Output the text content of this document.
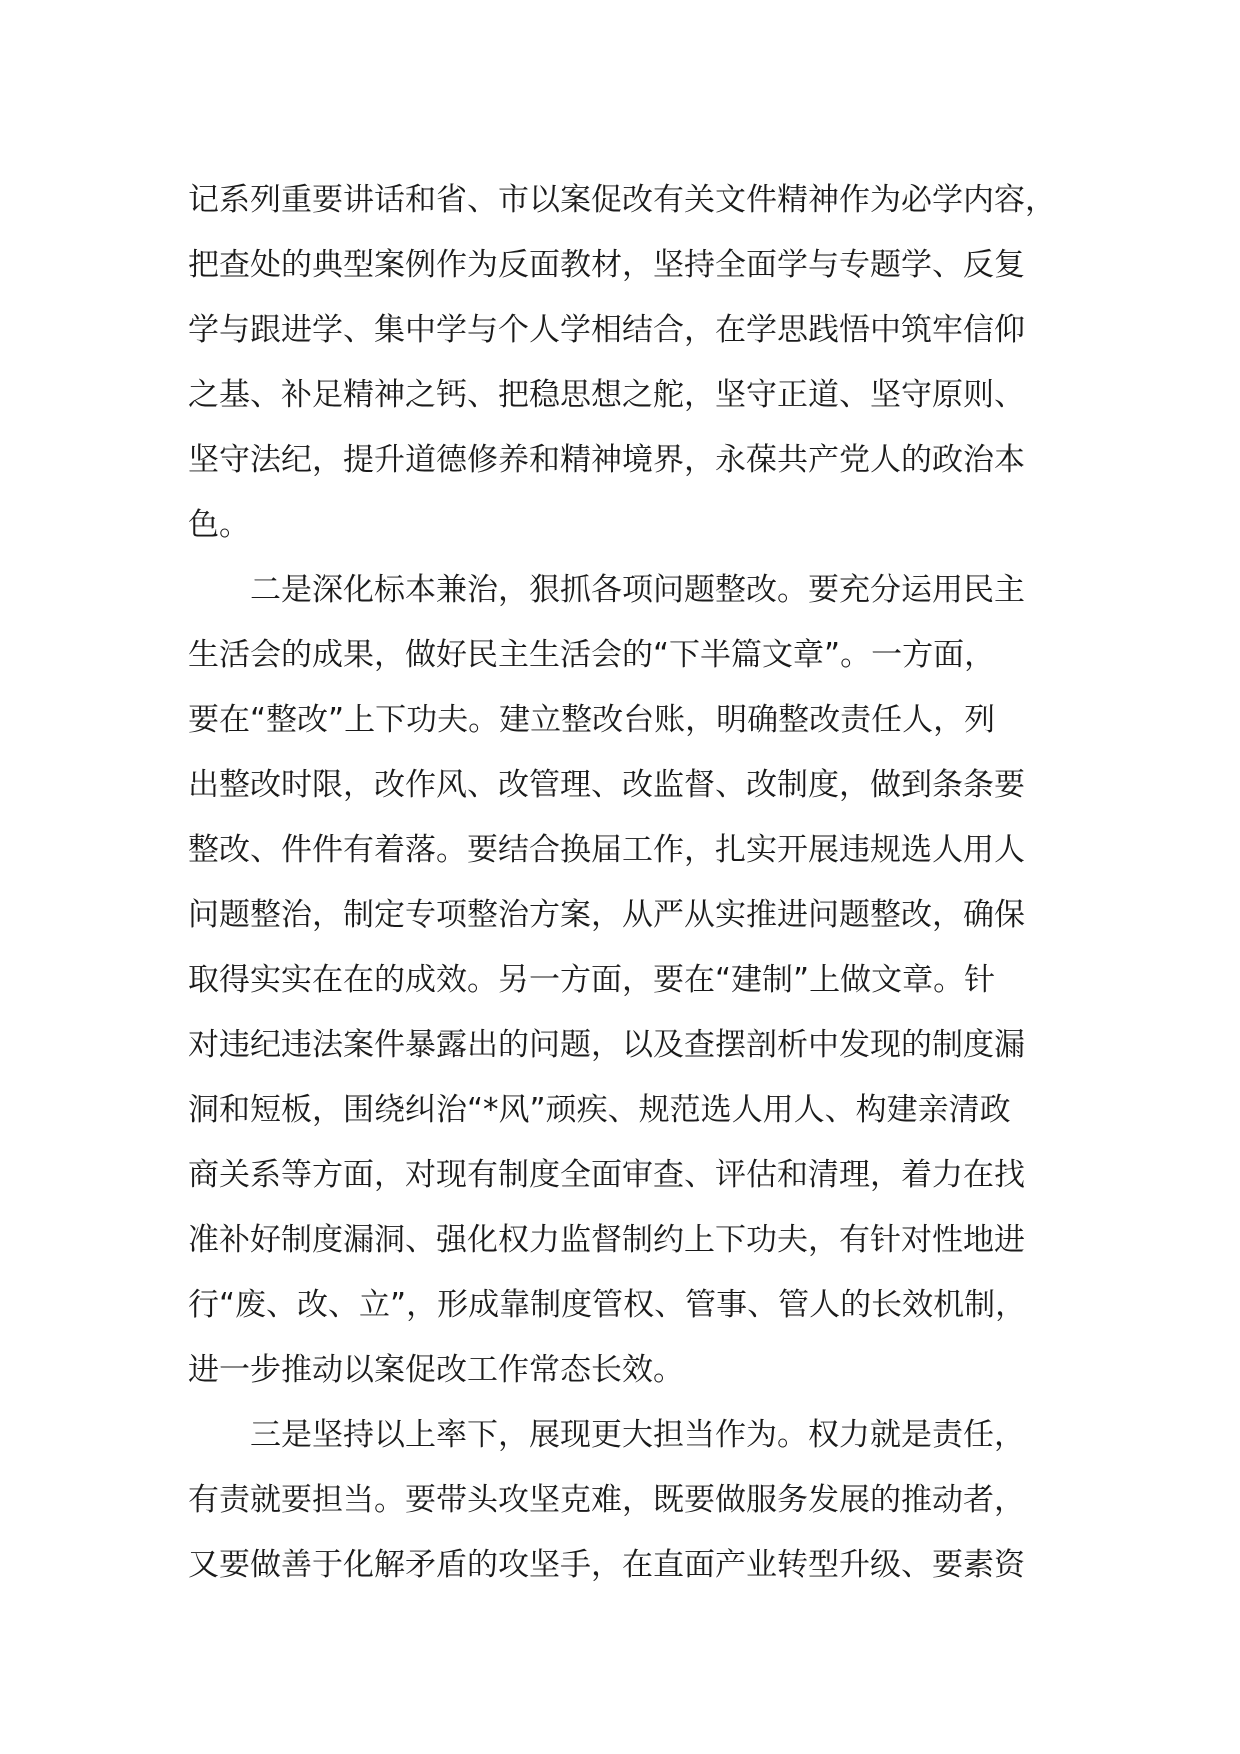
记系列重要讲话和省、市以案促改有关文件精神作为必学内容，
把查处的典型案例作为反面教材，坚持全面学与专题学、反复
学与跟进学、集中学与个人学相结合，在学思践悟中筑牢信仰
之基、补足精神之钙、把稳思想之舵，坚守正道、坚守原则、
坚守法纪，提升道德修养和精神境界，永葆共产党人的政治本
色。
二是深化标本兼治，狠抓各项问题整改。要充分运用民主
生活会的成果，做好民主生活会的“下半篇文章”。一方面，
要在“整改”上下功夫。建立整改台账，明确整改责任人，列
出整改时限，改作风、改管理、改监督、改制度，做到条条要
整改、件件有着落。要结合换届工作，扎实开展违规选人用人
问题整治，制定专项整治方案，从严从实推进问题整改，确保
取得实实在在的成效。另一方面，要在“建制”上做文章。针
对违纪违法案件暴露出的问题，以及查摆剖析中发现的制度漏
洞和短板，围绕纠治“*风”顽疾、规范选人用人、构建亲清政
商关系等方面，对现有制度全面审查、评估和清理，着力在找
准补好制度漏洞、强化权力监督制约上下功夫，有针对性地进
行“废、改、立”，形成靠制度管权、管事、管人的长效机制，
进一步推动以案促改工作常态长效。
三是坚持以上率下，展现更大担当作为。权力就是责任，
有责就要担当。要带头攻坚克难，既要做服务发展的推动者，
又要做善于化解矛盾的攻坚手，在直面产业转型升级、要素资
